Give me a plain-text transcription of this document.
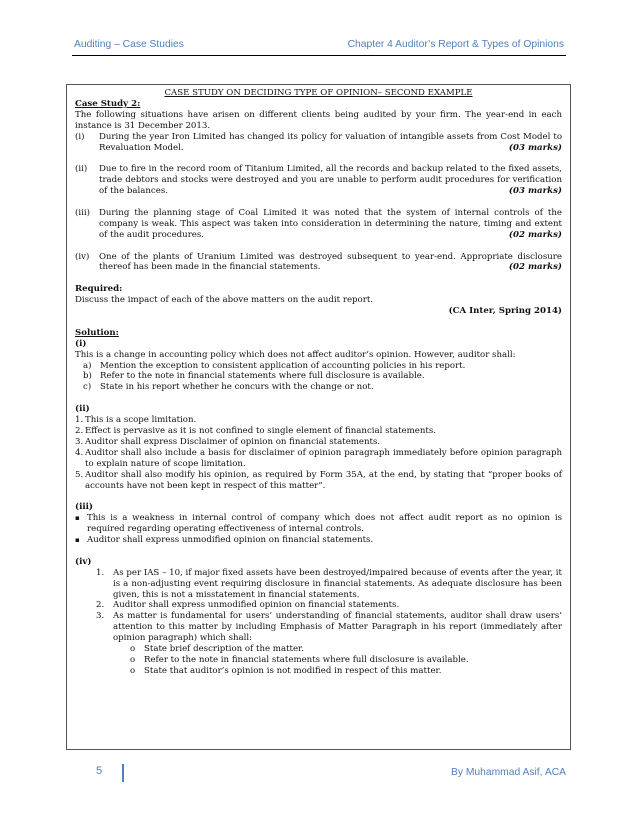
Auditing – Case Studies	Chapter 4 Auditor’s Report & Types of Opinions

CASE STUDY ON DECIDING TYPE OF OPINION– SECOND EXAMPLE

Case Study 2:

The following situations have arisen on different clients being audited by your firm. The year-end in each instance is 31 December 2013.

(i) During the year Iron Limited has changed its policy for valuation of intangible assets from Cost Model to Revaluation Model.	(03 marks)
(ii) Due to fire in the record room of Titanium Limited, all the records and backup related to the fixed assets, trade debtors and stocks were destroyed and you are unable to perform audit procedures for verification of the balances.	(03 marks)
(iii) During the planning stage of Coal Limited it was noted that the system of internal controls of the company is weak. This aspect was taken into consideration in determining the nature, timing and extent of the audit procedures.	(02 marks)
(iv) One of the plants of Uranium Limited was destroyed subsequent to year-end. Appropriate disclosure thereof has been made in the financial statements.	(02 marks)

Required:

Discuss the impact of each of the above matters on the audit report.

(CA Inter, Spring 2014)

Solution:

(i)

This is a change in accounting policy which does not affect auditor’s opinion. However, auditor shall:

a) Mention the exception to consistent application of accounting policies in his report.
b) Refer to the note in financial statements where full disclosure is available.
c) State in his report whether he concurs with the change or not.

(ii)

1. This is a scope limitation.
2. Effect is pervasive as it is not confined to single element of financial statements.
3. Auditor shall express Disclaimer of opinion on financial statements.
4. Auditor shall also include a basis for disclaimer of opinion paragraph immediately before opinion paragraph to explain nature of scope limitation.
5. Auditor shall also modify his opinion, as required by Form 35A, at the end, by stating that “proper books of accounts have not been kept in respect of this matter”.

(iii)

▪ This is a weakness in internal control of company which does not affect audit report as no opinion is required regarding operating effectiveness of internal controls.
▪ Auditor shall express unmodified opinion on financial statements.

(iv)

1. As per IAS – 10, if major fixed assets have been destroyed/impaired because of events after the year, it is a non-adjusting event requiring disclosure in financial statements. As adequate disclosure has been given, this is not a misstatement in financial statements.
2. Auditor shall express unmodified opinion on financial statements.
3. As matter is fundamental for users’ understanding of financial statements, auditor shall draw users’ attention to this matter by including Emphasis of Matter Paragraph in his report (immediately after opinion paragraph) which shall:
o State brief description of the matter.
o Refer to the note in financial statements where full disclosure is available.
o State that auditor’s opinion is not modified in respect of this matter.
5	By Muhammad Asif, ACA
